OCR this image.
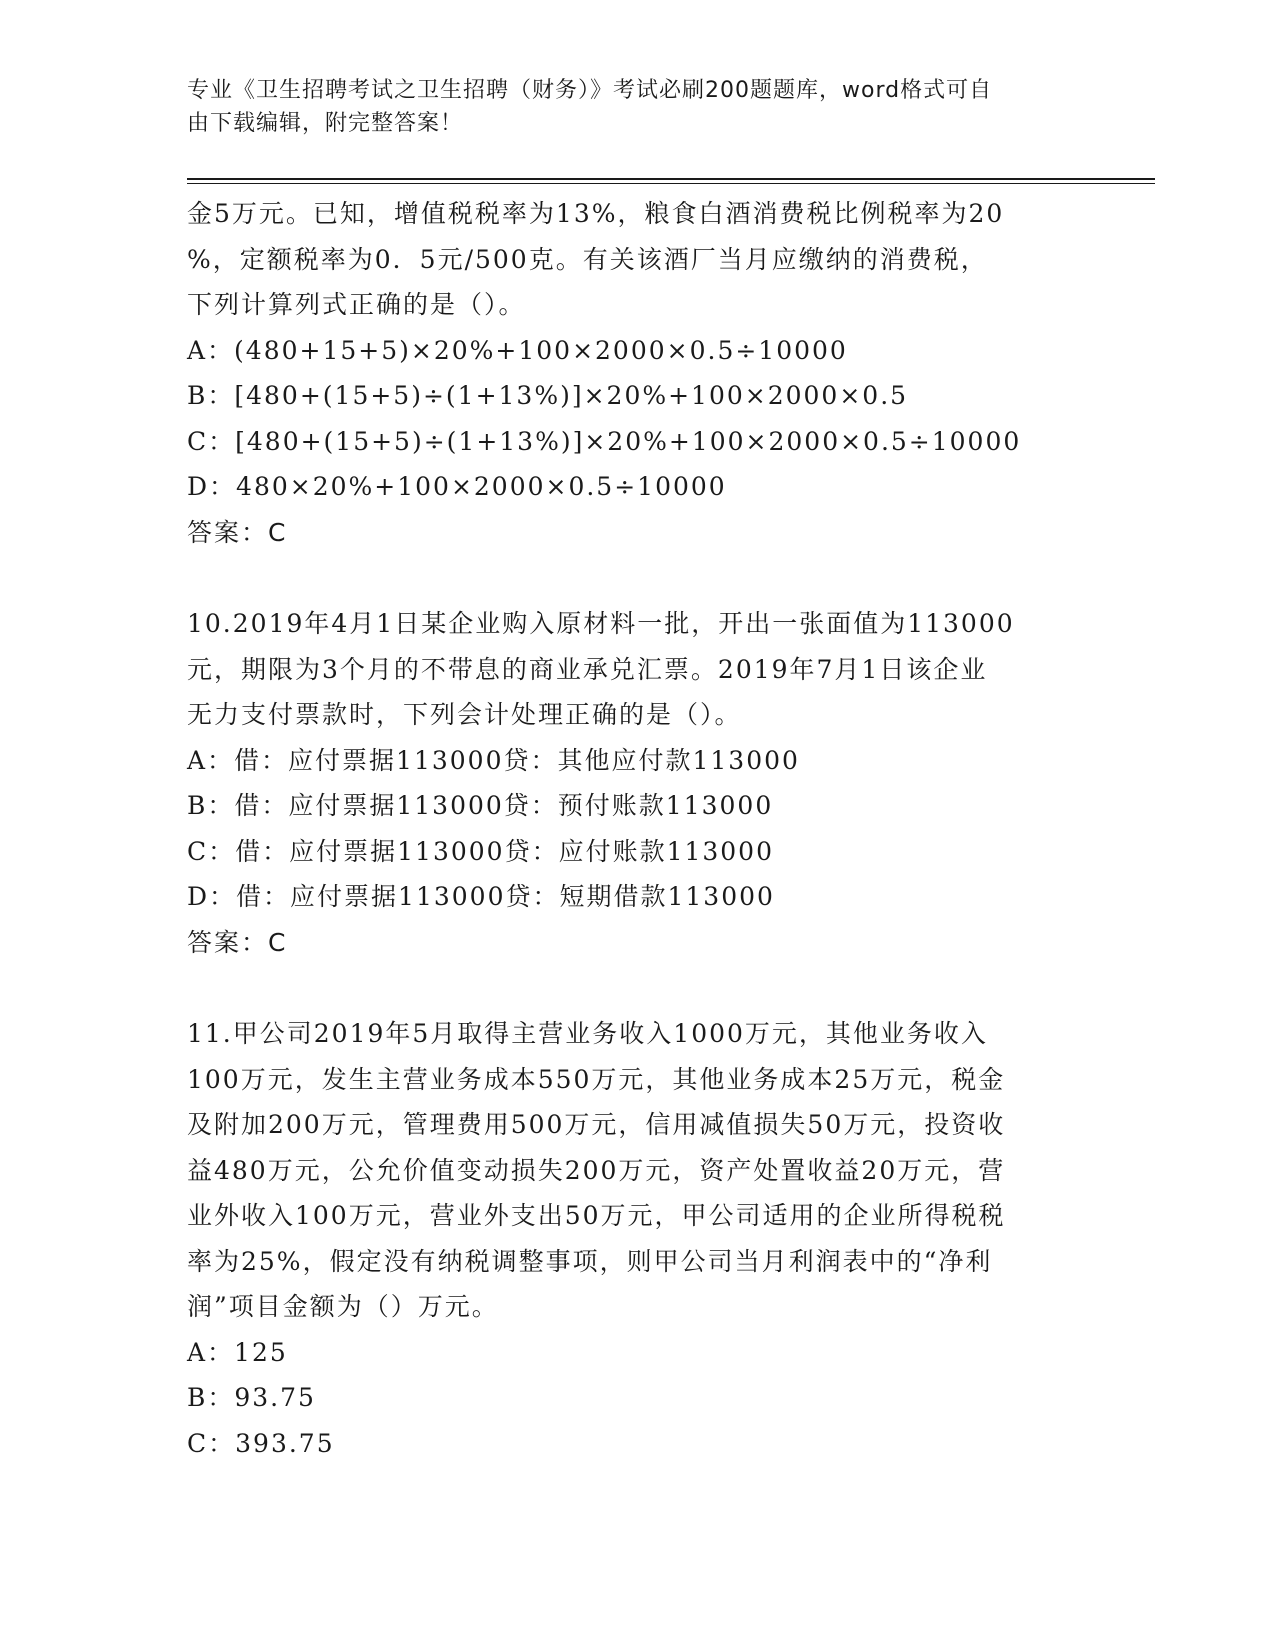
专业《卫生招聘考试之卫生招聘（财务）》考试必刷200题题库，word格式可自
由下载编辑，附完整答案！
金5万元。已知，增值税税率为13%，粮食白酒消费税比例税率为20
%，定额税率为0．5元/500克。有关该酒厂当月应缴纳的消费税，
下列计算列式正确的是（）。
A：(480+15+5)×20%+100×2000×0.5÷10000
B：[480+(15+5)÷(1+13%)]×20%+100×2000×0.5
C：[480+(15+5)÷(1+13%)]×20%+100×2000×0.5÷10000
D：480×20%+100×2000×0.5÷10000
答案：C
10.2019年4月1日某企业购入原材料一批，开出一张面值为113000
元，期限为3个月的不带息的商业承兑汇票。2019年7月1日该企业
无力支付票款时，下列会计处理正确的是（）。
A：借：应付票据113000贷：其他应付款113000
B：借：应付票据113000贷：预付账款113000
C：借：应付票据113000贷：应付账款113000
D：借：应付票据113000贷：短期借款113000
答案：C
11.甲公司2019年5月取得主营业务收入1000万元，其他业务收入
100万元，发生主营业务成本550万元，其他业务成本25万元，税金
及附加200万元，管理费用500万元，信用减值损失50万元，投资收
益480万元，公允价值变动损失200万元，资产处置收益20万元，营
业外收入100万元，营业外支出50万元，甲公司适用的企业所得税税
率为25%，假定没有纳税调整事项，则甲公司当月利润表中的“净利
润”项目金额为（）万元。
A：125
B：93.75
C：393.75
